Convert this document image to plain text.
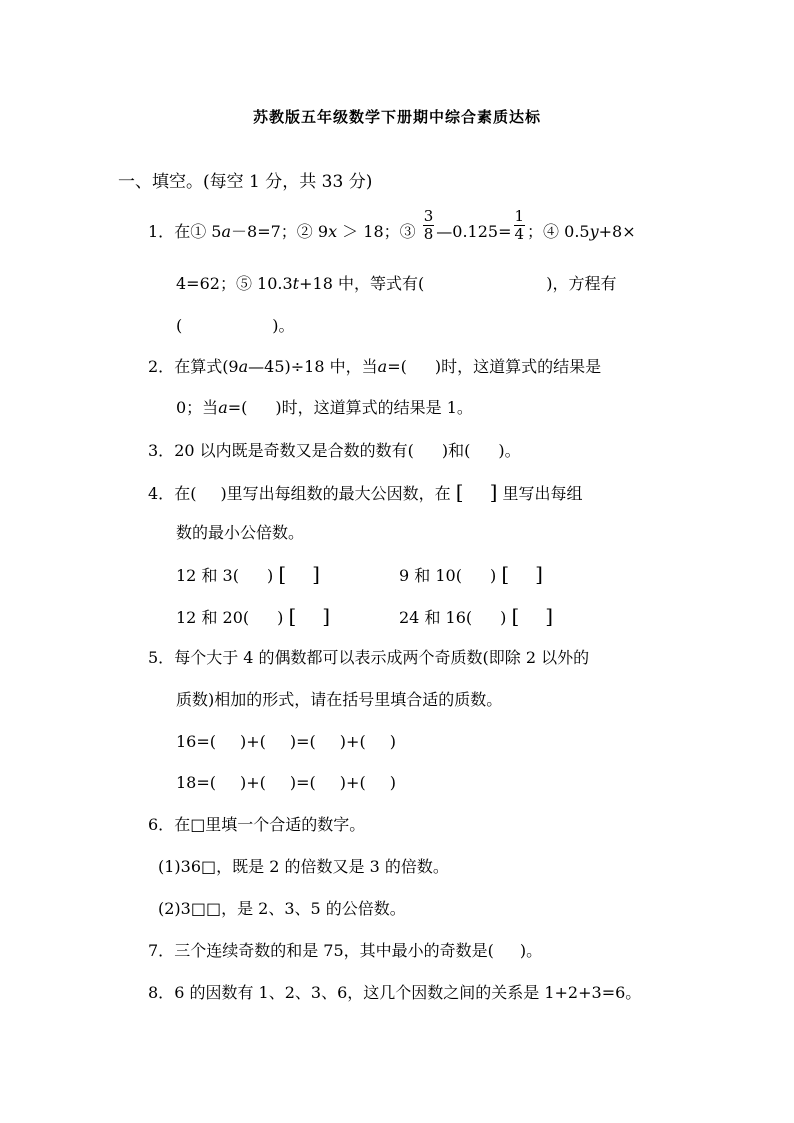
苏教版五年级数学下册期中综合素质达标
一、填空。(每空 1 分，共 33 分)
1．在① 5a－8=7；② 9x ＞ 18；③ $\frac{3}{8}$ —0.125= $\frac{1}{4}$ ；④ 0.5y+8×
4=62；⑤ 10.3t+18 中，等式有(	)，方程有
(	)。
2．在算式(9a—45)÷18 中，当a=( )时，这道算式的结果是
0；当a=( )时，这道算式的结果是 1。
3．20 以内既是奇数又是合数的数有( )和( )。
4．在( )里写出每组数的最大公因数，在 [ ] 里写出每组
数的最小公倍数。
12 和 3( ) [ ]	9 和 10( ) [ ]
12 和 20( ) [ ]	24 和 16( ) [ ]
5．每个大于 4 的偶数都可以表示成两个奇质数(即除 2 以外的
质数)相加的形式，请在括号里填合适的质数。
16=( )+( )=( )+( )
18=( )+( )=( )+( )
6．在□里填一个合适的数字。
(1)36□，既是 2 的倍数又是 3 的倍数。
(2)3□□，是 2、3、5 的公倍数。
7．三个连续奇数的和是 75，其中最小的奇数是( )。
8．6 的因数有 1、2、3、6，这几个因数之间的关系是 1+2+3=6。
